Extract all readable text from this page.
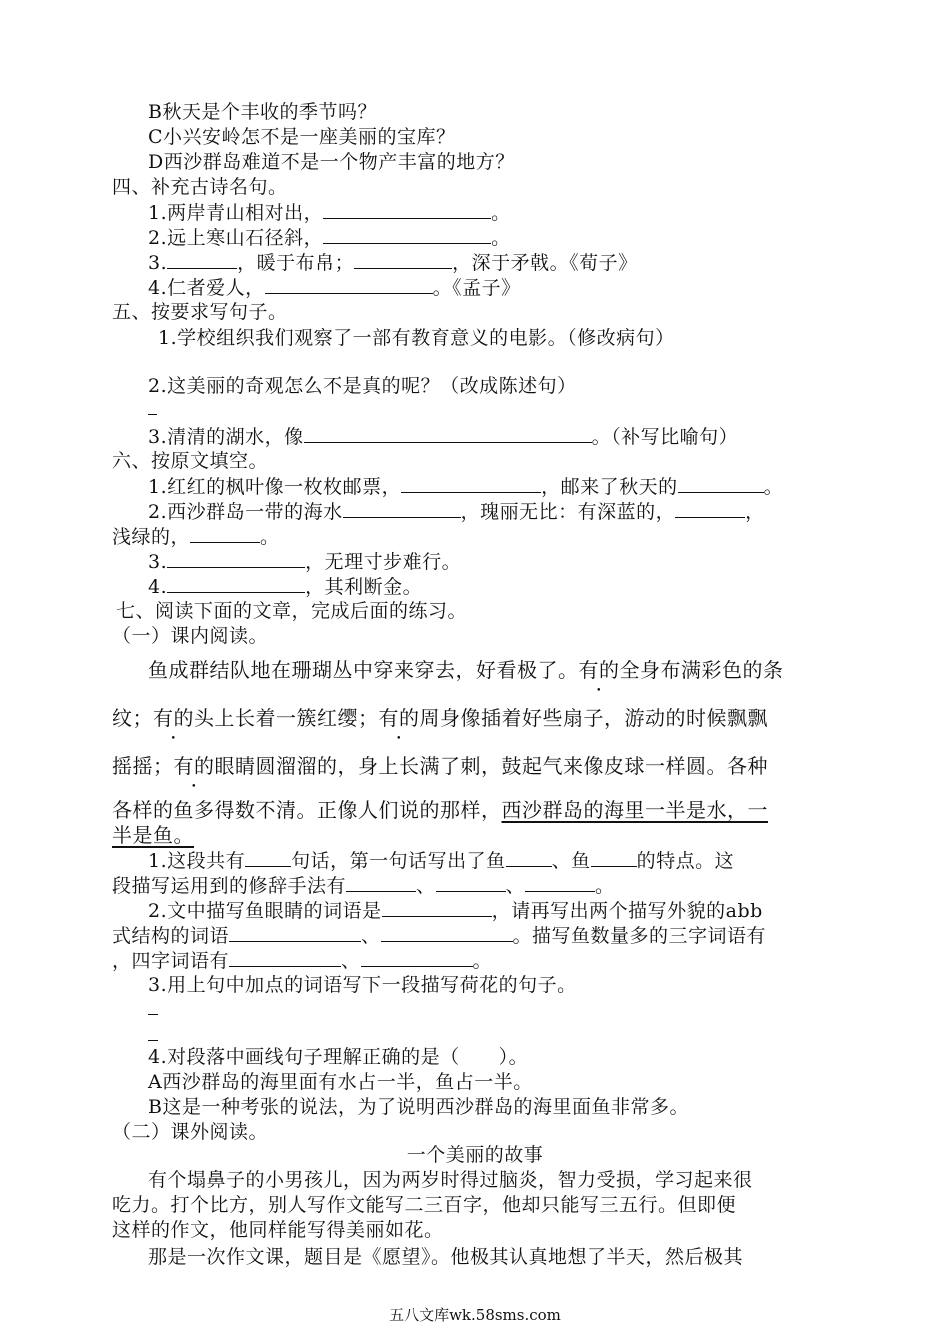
B秋天是个丰收的季节吗？
C小兴安岭怎不是一座美丽的宝库？
D西沙群岛难道不是一个物产丰富的地方？
四、补充古诗名句。
1.两岸青山相对出，	。
2.远上寒山石径斜，	。
3.	，暖于布帛；	，深于矛戟。《荀子》
4.仁者爱人，	。《孟子》
五、按要求写句子。
1.学校组织我们观察了一部有教育意义的电影。（修改病句）
2.这美丽的奇观怎么不是真的呢？（改成陈述句）
3.清清的湖水，像	。（补写比喻句）
六、按原文填空。
1.红红的枫叶像一枚枚邮票，	，邮来了秋天的	。
2.西沙群岛一带的海水	，瑰丽无比：有深蓝的，	，
浅绿的，	。
3.	，无理寸步难行。
4.	，其利断金。
七、阅读下面的文章，完成后面的练习。
（一）课内阅读。
鱼成群结队地在珊瑚丛中穿来穿去，好看极了。有的全身布满彩色的条
纹；有的头上长着一簇红缨；有的周身像插着好些扇子，游动的时候飘飘
摇摇；有的眼睛圆溜溜的，身上长满了刺，鼓起气来像皮球一样圆。各种
各样的鱼多得数不清。正像人们说的那样，西沙群岛的海里一半是水，一
半是鱼。
1.这段共有 句话，第一句话写出了鱼 、鱼 的特点。这
段描写运用到的修辞手法有	、	、	。
2.文中描写鱼眼睛的词语是	，请再写出两个描写外貌的abb
式结构的词语	、	。描写鱼数量多的三字词语有
，四字词语有	、	。
3.用上句中加点的词语写下一段描写荷花的句子。
4.对段落中画线句子理解正确的是（　　）。
A西沙群岛的海里面有水占一半，鱼占一半。
B这是一种考张的说法，为了说明西沙群岛的海里面鱼非常多。
（二）课外阅读。
一个美丽的故事
有个塌鼻子的小男孩儿，因为两岁时得过脑炎，智力受损，学习起来很
吃力。打个比方，别人写作文能写二三百字，他却只能写三五行。但即便
这样的作文，他同样能写得美丽如花。
那是一次作文课，题目是《愿望》。他极其认真地想了半天，然后极其
五八文库wk.58sms.com
